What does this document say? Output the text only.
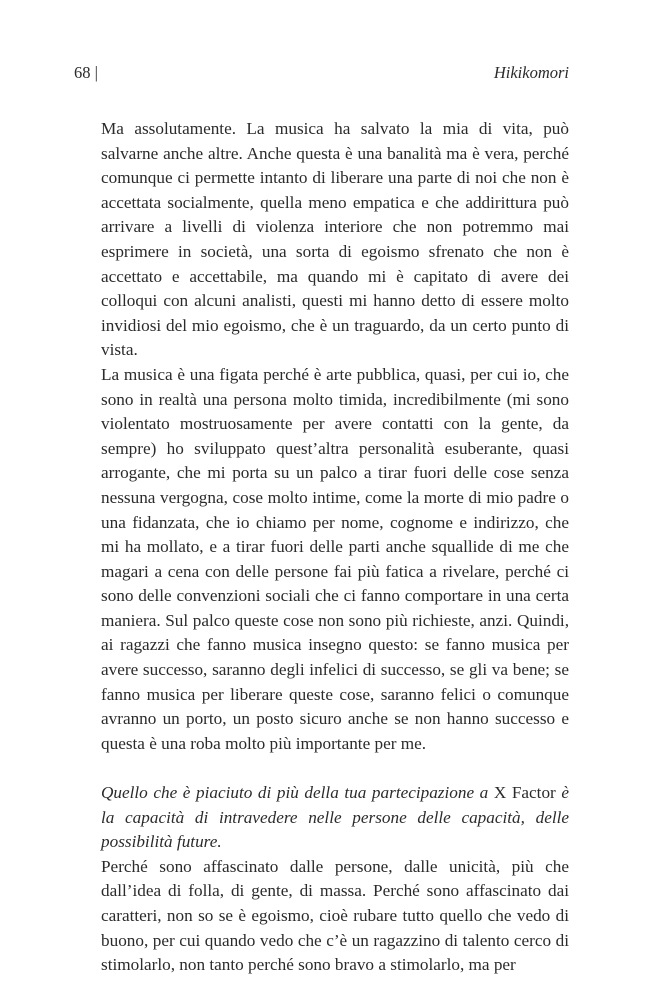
68 |	Hikikomori

Ma assolutamente. La musica ha salvato la mia di vita, può salvarne anche altre. Anche questa è una banalità ma è vera, perché comunque ci permette intanto di liberare una parte di noi che non è accettata socialmente, quella meno empatica e che addirittura può arrivare a livelli di violenza interiore che non potremmo mai esprimere in società, una sorta di egoismo sfrenato che non è accettato e accettabile, ma quando mi è capitato di avere dei colloqui con alcuni analisti, questi mi hanno detto di essere molto invidiosi del mio egoismo, che è un traguardo, da un certo punto di vista.

La musica è una figata perché è arte pubblica, quasi, per cui io, che sono in realtà una persona molto timida, incredibilmente (mi sono violentato mostruosamente per avere contatti con la gente, da sempre) ho sviluppato quest’altra personalità esuberante, quasi arrogante, che mi porta su un palco a tirar fuori delle cose senza nessuna vergogna, cose molto intime, come la morte di mio padre o una fidanzata, che io chiamo per nome, cognome e indirizzo, che mi ha mollato, e a tirar fuori delle parti anche squallide di me che magari a cena con delle persone fai più fatica a rivelare, perché ci sono delle convenzioni sociali che ci fanno comportare in una certa maniera. Sul palco queste cose non sono più richieste, anzi. Quindi, ai ragazzi che fanno musica insegno questo: se fanno musica per avere successo, saranno degli infelici di successo, se gli va bene; se fanno musica per liberare queste cose, saranno felici o comunque avranno un porto, un posto sicuro anche se non hanno successo e questa è una roba molto più importante per me.

Quello che è piaciuto di più della tua partecipazione a X Factor è la capacità di intravedere nelle persone delle capacità, delle possibilità future.

Perché sono affascinato dalle persone, dalle unicità, più che dall’idea di folla, di gente, di massa. Perché sono affascinato dai caratteri, non so se è egoismo, cioè rubare tutto quello che vedo di buono, per cui quando vedo che c’è un ragazzino di talento cerco di stimolarlo, non tanto perché sono bravo a stimolarlo, ma per
